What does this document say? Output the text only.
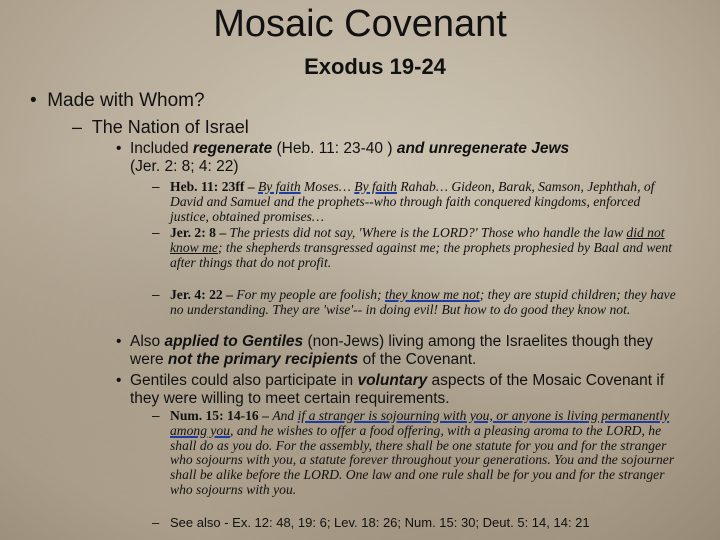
Mosaic Covenant
Exodus 19-24
• Made with Whom?
– The Nation of Israel
• Included regenerate (Heb. 11: 23-40 ) and unregenerate Jews
(Jer. 2: 8; 4: 22)
– Heb. 11: 23ff – By faith Moses… By faith Rahab… Gideon, Barak, Samson, Jephthah, of David and Samuel and the prophets--who through faith conquered kingdoms, enforced justice, obtained promises…
– Jer. 2: 8 – The priests did not say, 'Where is the LORD?' Those who handle the law did not know me; the shepherds transgressed against me; the prophets prophesied by Baal and went after things that do not profit.
– Jer. 4: 22 – For my people are foolish; they know me not; they are stupid children; they have no understanding. They are 'wise'-- in doing evil! But how to do good they know not.
• Also applied to Gentiles (non-Jews) living among the Israelites though they were not the primary recipients of the Covenant.
• Gentiles could also participate in voluntary aspects of the Mosaic Covenant if they were willing to meet certain requirements.
– Num. 15: 14-16 – And if a stranger is sojourning with you, or anyone is living permanently among you, and he wishes to offer a food offering, with a pleasing aroma to the LORD, he shall do as you do. For the assembly, there shall be one statute for you and for the stranger who sojourns with you, a statute forever throughout your generations. You and the sojourner shall be alike before the LORD. One law and one rule shall be for you and for the stranger who sojourns with you.
– See also - Ex. 12: 48, 19: 6; Lev. 18: 26; Num. 15: 30; Deut. 5: 14, 14: 21
